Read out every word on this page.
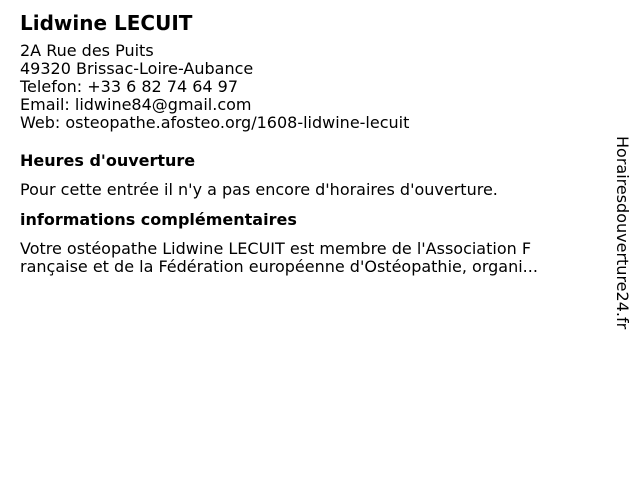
Lidwine LECUIT
2A Rue des Puits
49320 Brissac-Loire-Aubance
Telefon: +33 6 82 74 64 97
Email: lidwine84@gmail.com
Web: osteopathe.afosteo.org/1608-lidwine-lecuit
Heures d'ouverture
Pour cette entrée il n'y a pas encore d'horaires d'ouverture.
informations complémentaires
Votre ostéopathe Lidwine LECUIT est membre de l'Association F
rançaise et de la Fédération européenne d'Ostéopathie, organi...	Horairesdouverture24.fr
